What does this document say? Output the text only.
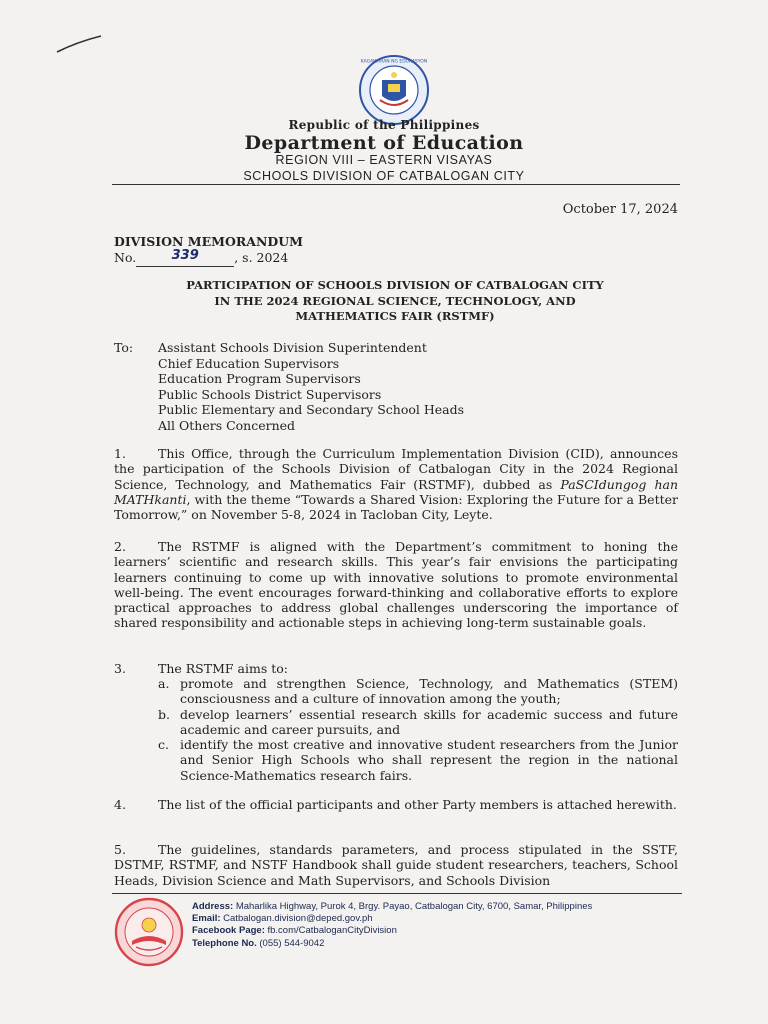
KAGAWARAN NG EDUKASYON
Republic of the Philippines
Department of Education
REGION VIII – EASTERN VISAYAS
SCHOOLS DIVISION OF CATBALOGAN CITY
October 17, 2024
DIVISION MEMORANDUM
No.	339	, s. 2024
PARTICIPATION OF SCHOOLS DIVISION OF CATBALOGAN CITY
IN THE 2024 REGIONAL SCIENCE, TECHNOLOGY, AND
MATHEMATICS FAIR (RSTMF)
To: Assistant Schools Division Superintendent
Chief Education Supervisors
Education Program Supervisors
Public Schools District Supervisors
Public Elementary and Secondary School Heads
All Others Concerned
1.	This Office, through the Curriculum Implementation Division (CID), announces the participation of the Schools Division of Catbalogan City in the 2024 Regional Science, Technology, and Mathematics Fair (RSTMF), dubbed as PaSCIdungog han MATHkanti, with the theme “Towards a Shared Vision: Exploring the Future for a Better Tomorrow,” on November 5-8, 2024 in Tacloban City, Leyte.
2.	The RSTMF is aligned with the Department’s commitment to honing the learners’ scientific and research skills. This year’s fair envisions the participating learners continuing to come up with innovative solutions to promote environmental well-being. The event encourages forward-thinking and collaborative efforts to explore practical approaches to address global challenges underscoring the importance of shared responsibility and actionable steps in achieving long-term sustainable goals.
3.	The RSTMF aims to:
a. promote and strengthen Science, Technology, and Mathematics (STEM) consciousness and a culture of innovation among the youth;
b. develop learners’ essential research skills for academic success and future academic and career pursuits, and
c. identify the most creative and innovative student researchers from the Junior and Senior High Schools who shall represent the region in the national Science-Mathematics research fairs.
4.	The list of the official participants and other Party members is attached herewith.
5.	The guidelines, standards parameters, and process stipulated in the SSTF, DSTMF, RSTMF, and NSTF Handbook shall guide student researchers, teachers, School Heads, Division Science and Math Supervisors, and Schools Division
Address: Maharlika Highway, Purok 4, Brgy. Payao, Catbalogan City, 6700, Samar, Philippines
Email: Catbalogan.division@deped.gov.ph
Facebook Page: fb.com/CatbaloganCityDivision
Telephone No. (055) 544-9042
